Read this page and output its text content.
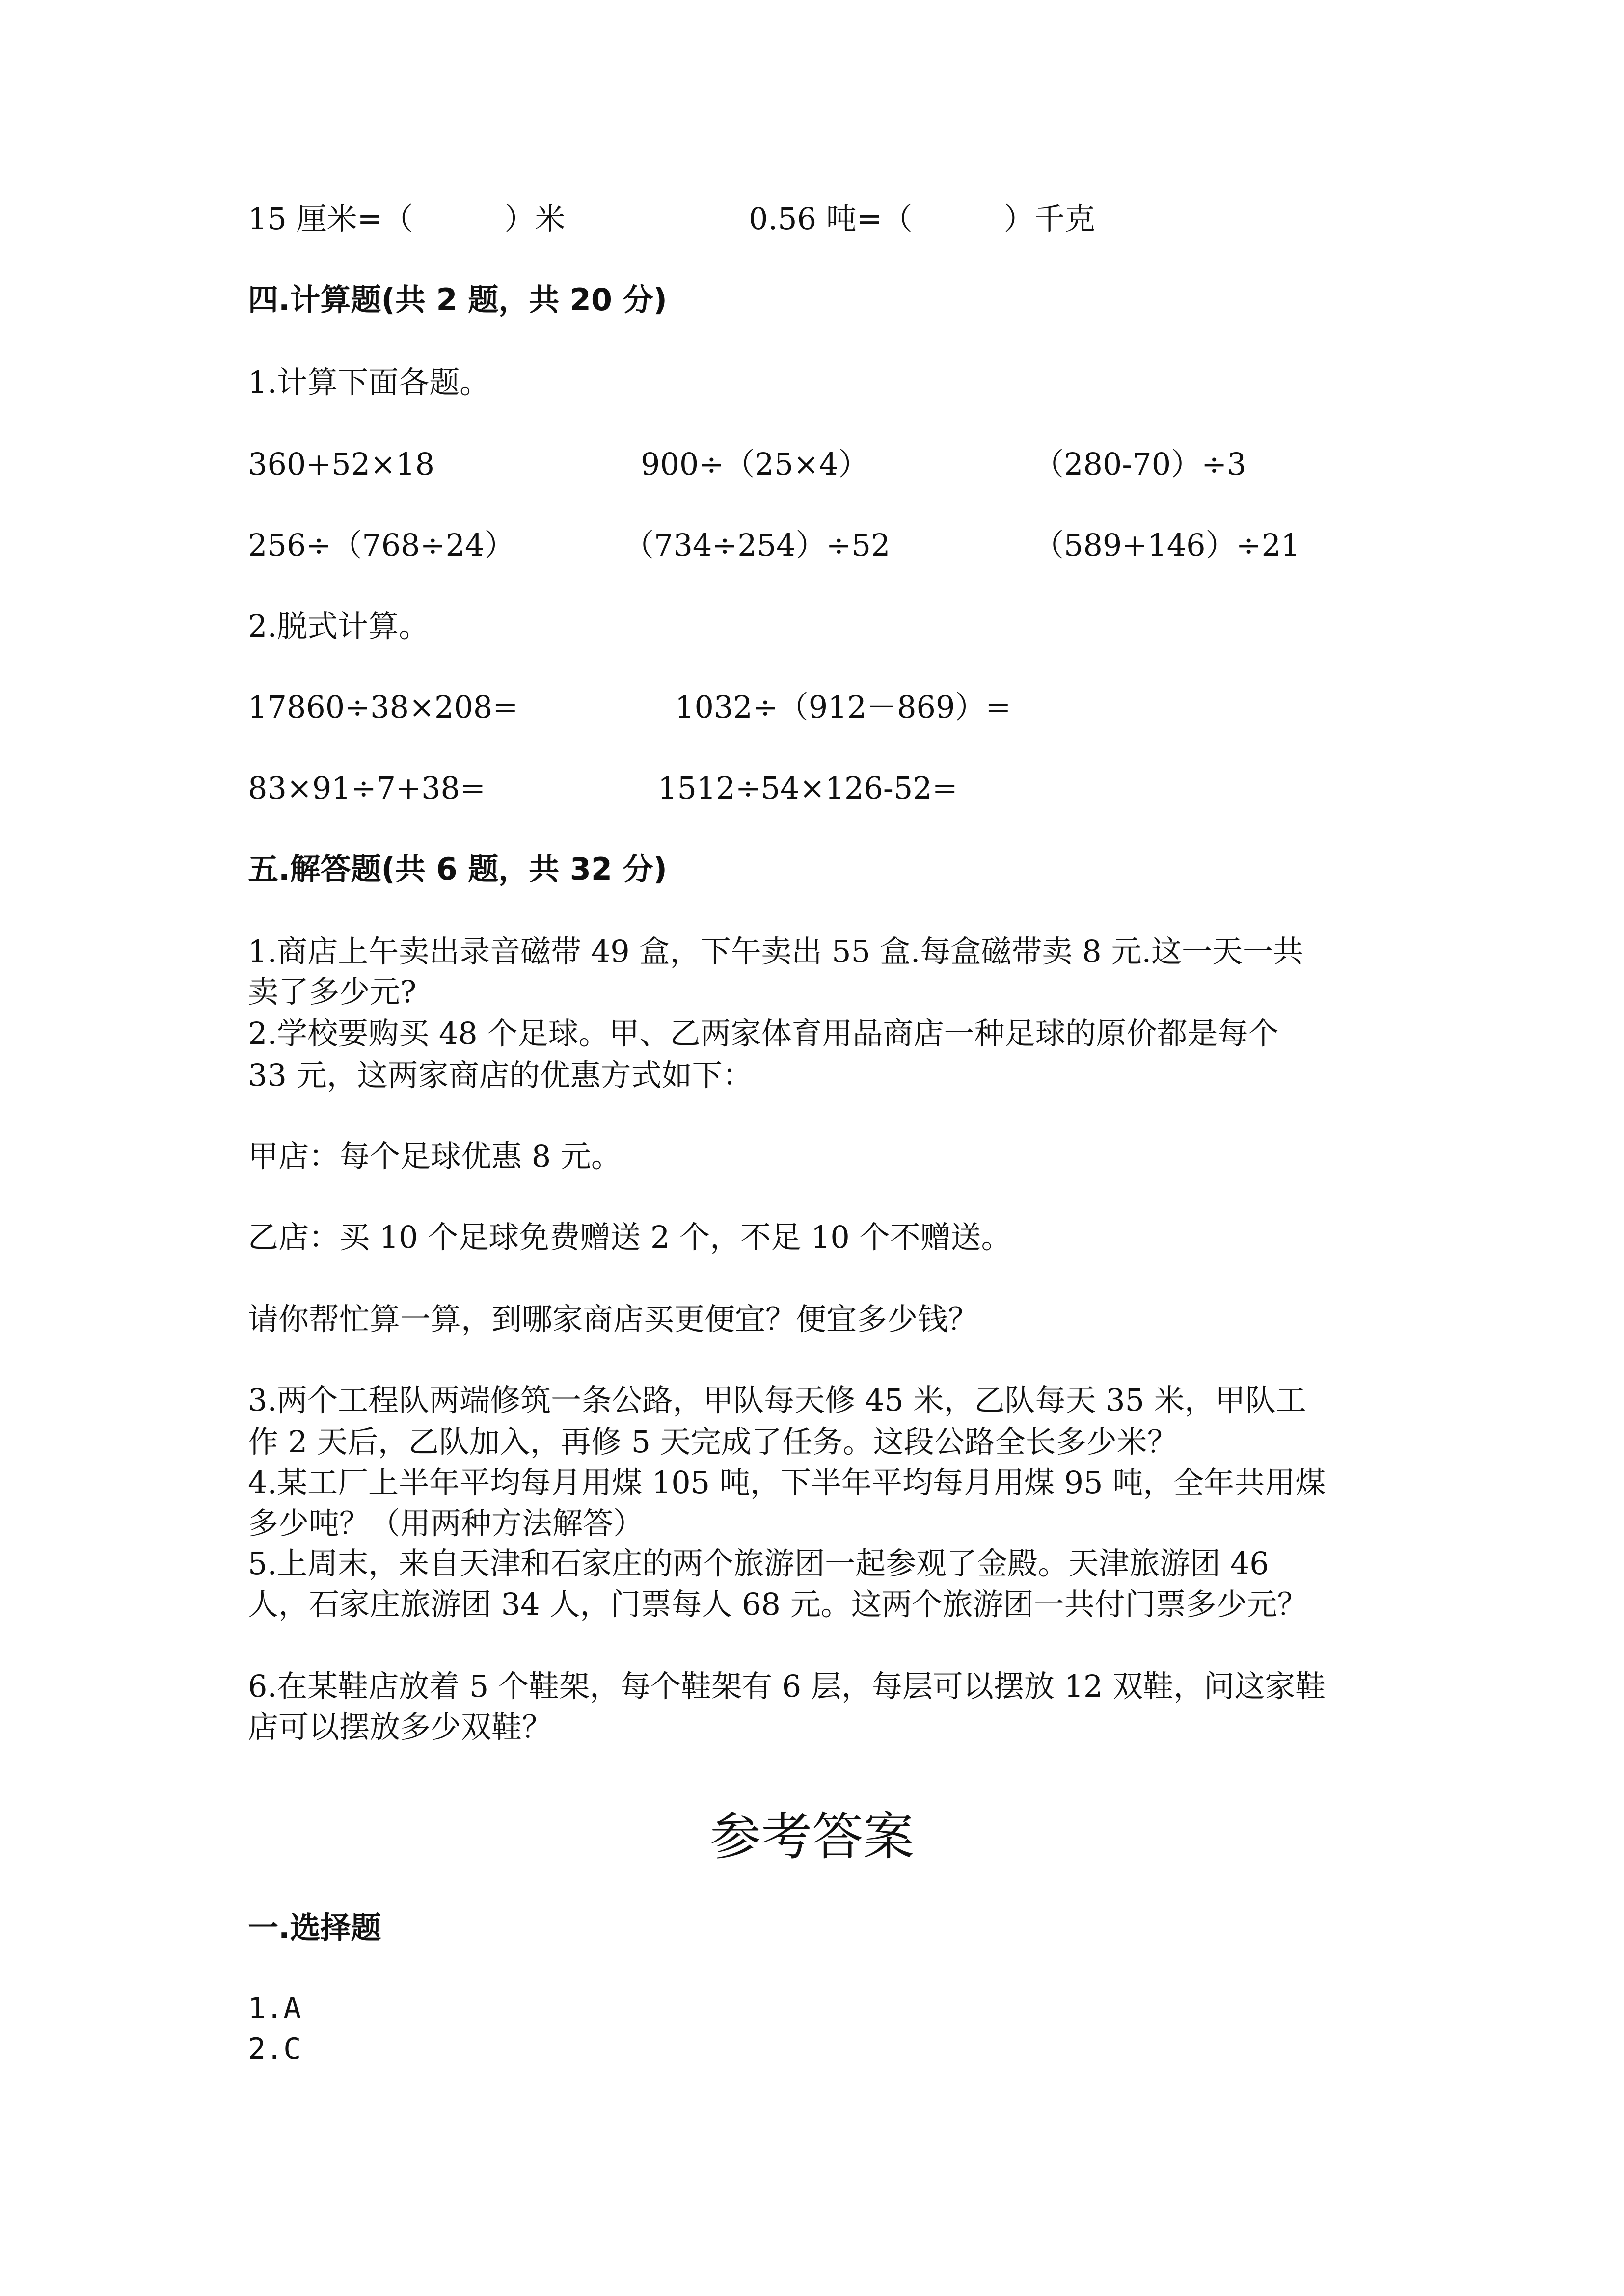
15 厘米=（　　　）米	0.56 吨=（　　　）千克
四.计算题(共 2 题，共 20 分)
1.计算下面各题。
360+52×18	900÷（25×4）	（280-70）÷3
256÷（768÷24）	（734÷254）÷52	（589+146）÷21
2.脱式计算。
17860÷38×208=	1032÷（912－869）=
83×91÷7+38=	1512÷54×126-52=
五.解答题(共 6 题，共 32 分)
1.商店上午卖出录音磁带 49 盒，下午卖出 55 盒.每盒磁带卖 8 元.这一天一共
卖了多少元?
2.学校要购买 48 个足球。甲、乙两家体育用品商店一种足球的原价都是每个
33 元，这两家商店的优惠方式如下：
甲店：每个足球优惠 8 元。
乙店：买 10 个足球免费赠送 2 个，不足 10 个不赠送。
请你帮忙算一算，到哪家商店买更便宜？便宜多少钱？
3.两个工程队两端修筑一条公路，甲队每天修 45 米，乙队每天 35 米，甲队工
作 2 天后，乙队加入，再修 5 天完成了任务。这段公路全长多少米？
4.某工厂上半年平均每月用煤 105 吨，下半年平均每月用煤 95 吨，全年共用煤
多少吨？（用两种方法解答）
5.上周末，来自天津和石家庄的两个旅游团一起参观了金殿。天津旅游团 46
人，石家庄旅游团 34 人，门票每人 68 元。这两个旅游团一共付门票多少元？
6.在某鞋店放着 5 个鞋架，每个鞋架有 6 层，每层可以摆放 12 双鞋，问这家鞋
店可以摆放多少双鞋？
参考答案
一.选择题
1.A
2.C
